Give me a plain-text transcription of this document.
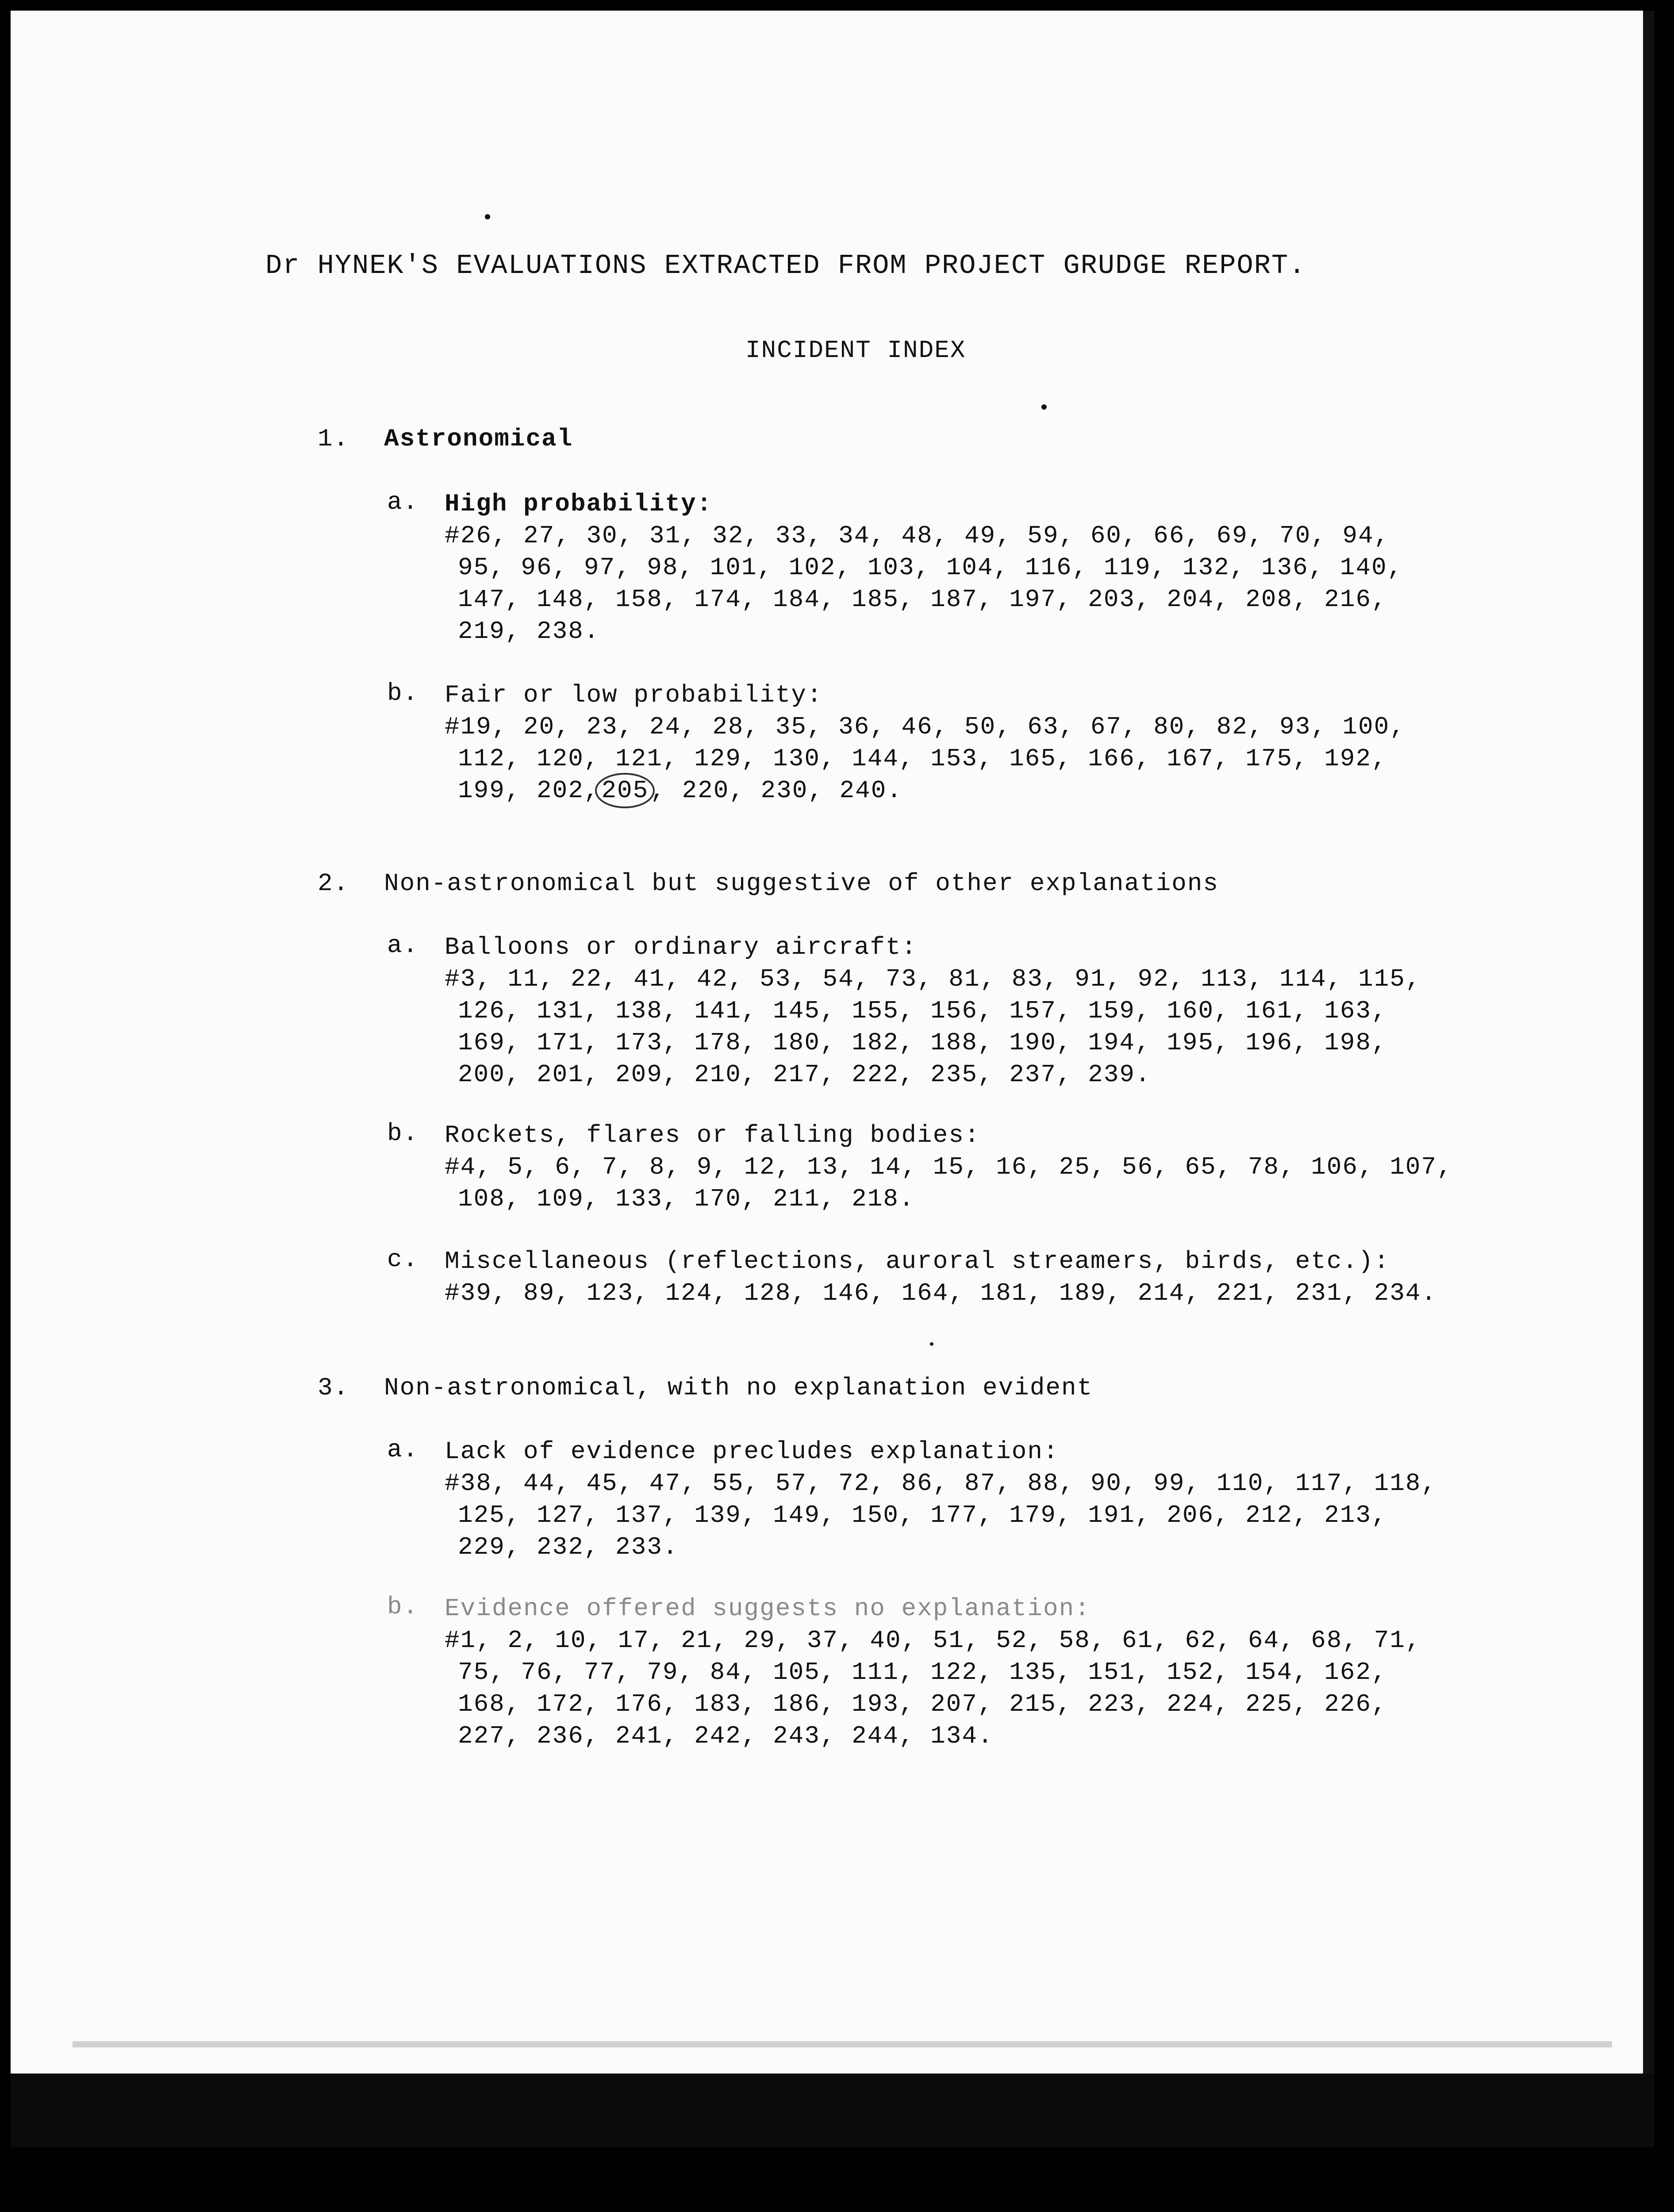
Dr HYNEK'S EVALUATIONS EXTRACTED FROM PROJECT GRUDGE REPORT.
INCIDENT INDEX
1. Astronomical
a. High probability:
#26, 27, 30, 31, 32, 33, 34, 48, 49, 59, 60, 66, 69, 70, 94,
95, 96, 97, 98, 101, 102, 103, 104, 116, 119, 132, 136, 140,
147, 148, 158, 174, 184, 185, 187, 197, 203, 204, 208, 216,
219, 238.
b. Fair or low probability:
#19, 20, 23, 24, 28, 35, 36, 46, 50, 63, 67, 80, 82, 93, 100,
112, 120, 121, 129, 130, 144, 153, 165, 166, 167, 175, 192,
199, 202,205, 220, 230, 240.
2. Non-astronomical but suggestive of other explanations
a. Balloons or ordinary aircraft:
#3, 11, 22, 41, 42, 53, 54, 73, 81, 83, 91, 92, 113, 114, 115,
126, 131, 138, 141, 145, 155, 156, 157, 159, 160, 161, 163,
169, 171, 173, 178, 180, 182, 188, 190, 194, 195, 196, 198,
200, 201, 209, 210, 217, 222, 235, 237, 239.
b. Rockets, flares or falling bodies:
#4, 5, 6, 7, 8, 9, 12, 13, 14, 15, 16, 25, 56, 65, 78, 106, 107,
108, 109, 133, 170, 211, 218.
c. Miscellaneous (reflections, auroral streamers, birds, etc.):
#39, 89, 123, 124, 128, 146, 164, 181, 189, 214, 221, 231, 234.
3. Non-astronomical, with no explanation evident
a. Lack of evidence precludes explanation:
#38, 44, 45, 47, 55, 57, 72, 86, 87, 88, 90, 99, 110, 117, 118,
125, 127, 137, 139, 149, 150, 177, 179, 191, 206, 212, 213,
229, 232, 233.
b. Evidence offered suggests no explanation:
#1, 2, 10, 17, 21, 29, 37, 40, 51, 52, 58, 61, 62, 64, 68, 71,
75, 76, 77, 79, 84, 105, 111, 122, 135, 151, 152, 154, 162,
168, 172, 176, 183, 186, 193, 207, 215, 223, 224, 225, 226,
227, 236, 241, 242, 243, 244, 134.
